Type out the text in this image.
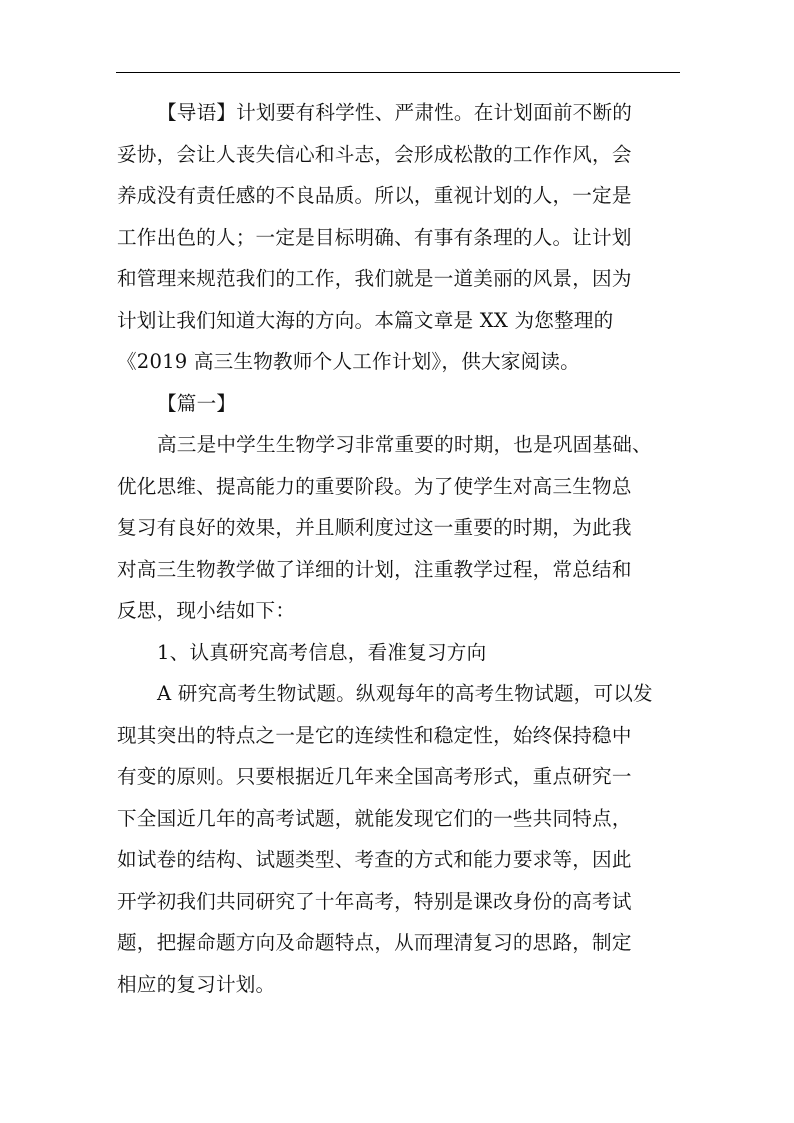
【导语】计划要有科学性、严肃性。在计划面前不断的
妥协，会让人丧失信心和斗志，会形成松散的工作作风，会
养成没有责任感的不良品质。所以，重视计划的人，一定是
工作出色的人；一定是目标明确、有事有条理的人。让计划
和管理来规范我们的工作，我们就是一道美丽的风景，因为
计划让我们知道大海的方向。本篇文章是 XX 为您整理的
《2019 高三生物教师个人工作计划》，供大家阅读。
【篇一】
高三是中学生生物学习非常重要的时期，也是巩固基础、
优化思维、提高能力的重要阶段。为了使学生对高三生物总
复习有良好的效果，并且顺利度过这一重要的时期，为此我
对高三生物教学做了详细的计划，注重教学过程，常总结和
反思，现小结如下：
1、认真研究高考信息，看准复习方向
A 研究高考生物试题。纵观每年的高考生物试题，可以发
现其突出的特点之一是它的连续性和稳定性，始终保持稳中
有变的原则。只要根据近几年来全国高考形式，重点研究一
下全国近几年的高考试题，就能发现它们的一些共同特点，
如试卷的结构、试题类型、考查的方式和能力要求等，因此
开学初我们共同研究了十年高考，特别是课改身份的高考试
题，把握命题方向及命题特点，从而理清复习的思路，制定
相应的复习计划。
